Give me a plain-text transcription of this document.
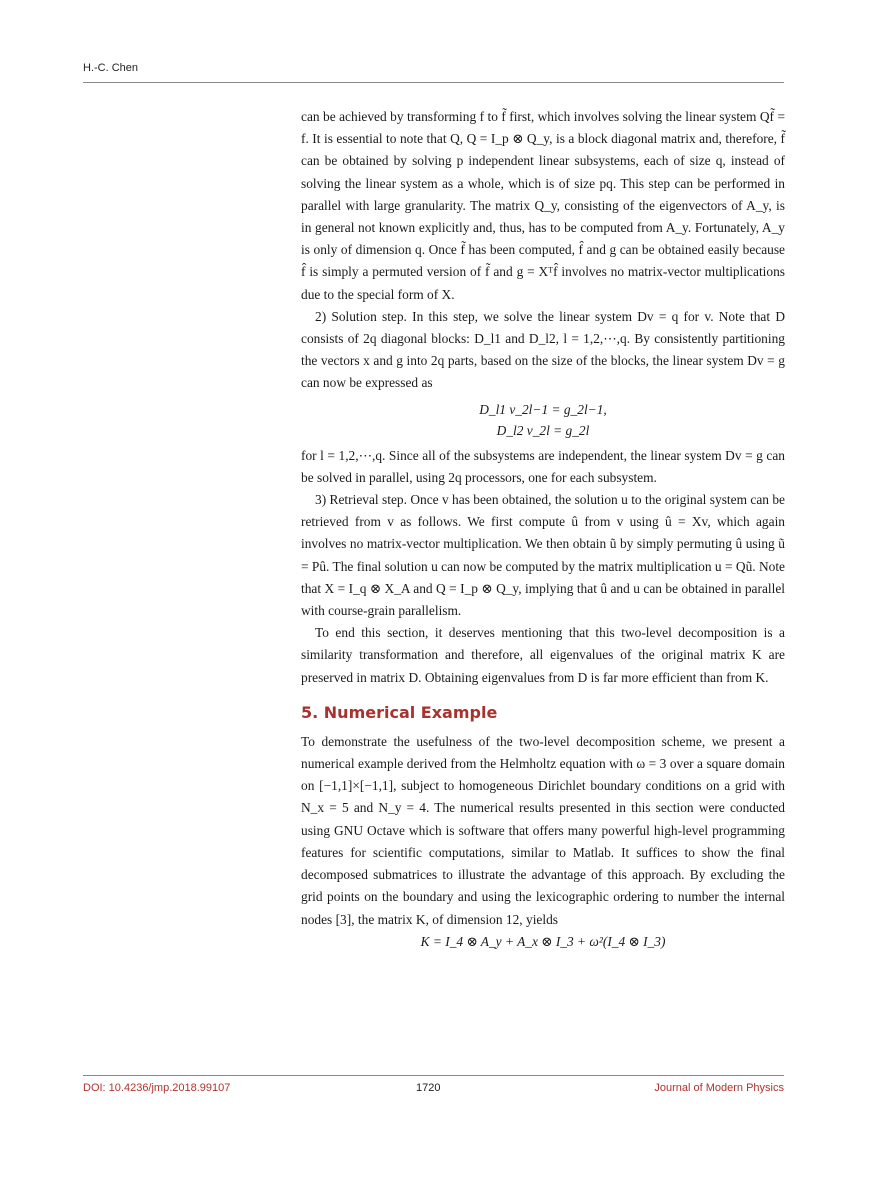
H.-C. Chen

can be achieved by transforming f to f̃ first, which involves solving the linear system Qf̃ = f. It is essential to note that Q, Q = I_p ⊗ Q_y, is a block diagonal matrix and, therefore, f̃ can be obtained by solving p independent linear subsystems, each of size q, instead of solving the linear system as a whole, which is of size pq. This step can be performed in parallel with large granularity. The matrix Q_y, consisting of the eigenvectors of A_y, is in general not known explicitly and, thus, has to be computed from A_y. Fortunately, A_y is only of dimension q. Once f̃ has been computed, f̂ and g can be obtained easily because f̂ is simply a permuted version of f̃ and g = Xᵀf̂ involves no matrix-vector multiplications due to the special form of X.

2) Solution step. In this step, we solve the linear system Dv = q for v. Note that D consists of 2q diagonal blocks: D_l1 and D_l2, l = 1,2,⋯,q. By consistently partitioning the vectors x and g into 2q parts, based on the size of the blocks, the linear system Dv = g can now be expressed as

D_l1 v_2l−1 = g_2l−1,
D_l2 v_2l = g_2l

for l = 1,2,⋯,q. Since all of the subsystems are independent, the linear system Dv = g can be solved in parallel, using 2q processors, one for each subsystem.

3) Retrieval step. Once v has been obtained, the solution u to the original system can be retrieved from v as follows. We first compute û from v using û = Xv, which again involves no matrix-vector multiplication. We then obtain ũ by simply permuting û using ũ = Pû. The final solution u can now be computed by the matrix multiplication u = Qũ. Note that X = I_q ⊗ X_A and Q = I_p ⊗ Q_y, implying that û and u can be obtained in parallel with course-grain parallelism.

To end this section, it deserves mentioning that this two-level decomposition is a similarity transformation and therefore, all eigenvalues of the original matrix K are preserved in matrix D. Obtaining eigenvalues from D is far more efficient than from K.

5. Numerical Example

To demonstrate the usefulness of the two-level decomposition scheme, we present a numerical example derived from the Helmholtz equation with ω = 3 over a square domain on [−1,1]×[−1,1], subject to homogeneous Dirichlet boundary conditions on a grid with N_x = 5 and N_y = 4. The numerical results presented in this section were conducted using GNU Octave which is software that offers many powerful high-level programming features for scientific computations, similar to Matlab. It suffices to show the final decomposed submatrices to illustrate the advantage of this approach. By excluding the grid points on the boundary and using the lexicographic ordering to number the internal nodes [3], the matrix K, of dimension 12, yields

K = I_4 ⊗ A_y + A_x ⊗ I_3 + ω²(I_4 ⊗ I_3)
DOI: 10.4236/jmp.2018.99107	1720	Journal of Modern Physics
